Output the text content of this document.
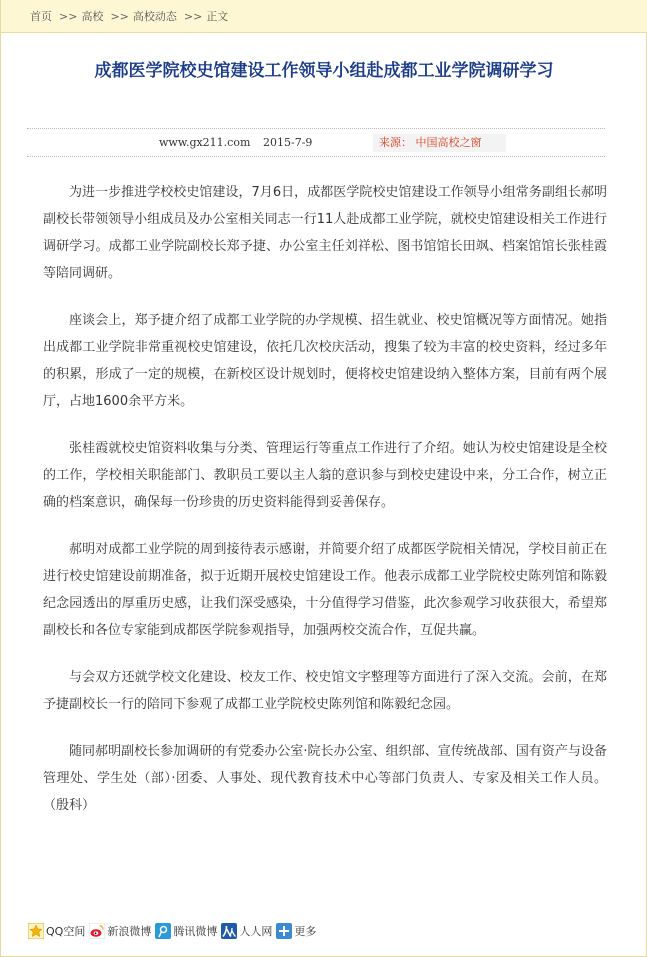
首页 >> 高校 >> 高校动态 >> 正文
成都医学院校史馆建设工作领导小组赴成都工业学院调研学习
www.gx211.com 2015-7-9	来源： 中国高校之窗

为进一步推进学校校史馆建设，7月6日，成都医学院校史馆建设工作领导小组常务副组长郝明副校长带领领导小组成员及办公室相关同志一行11人赴成都工业学院，就校史馆建设相关工作进行调研学习。成都工业学院副校长郑予捷、办公室主任刘祥松、图书馆馆长田飒、档案馆馆长张桂霞等陪同调研。

座谈会上，郑予捷介绍了成都工业学院的办学规模、招生就业、校史馆概况等方面情况。她指出成都工业学院非常重视校史馆建设，依托几次校庆活动，搜集了较为丰富的校史资料，经过多年的积累，形成了一定的规模，在新校区设计规划时，便将校史馆建设纳入整体方案，目前有两个展厅，占地1600余平方米。

张桂霞就校史馆资料收集与分类、管理运行等重点工作进行了介绍。她认为校史馆建设是全校的工作，学校相关职能部门、教职员工要以主人翁的意识参与到校史建设中来，分工合作，树立正确的档案意识，确保每一份珍贵的历史资料能得到妥善保存。

郝明对成都工业学院的周到接待表示感谢，并简要介绍了成都医学院相关情况，学校目前正在进行校史馆建设前期准备，拟于近期开展校史馆建设工作。他表示成都工业学院校史陈列馆和陈毅纪念园透出的厚重历史感，让我们深受感染，十分值得学习借鉴，此次参观学习收获很大，希望郑副校长和各位专家能到成都医学院参观指导，加强两校交流合作，互促共赢。

与会双方还就学校文化建设、校友工作、校史馆文字整理等方面进行了深入交流。会前，在郑予捷副校长一行的陪同下参观了成都工业学院校史陈列馆和陈毅纪念园。

随同郝明副校长参加调研的有党委办公室·院长办公室、组织部、宣传统战部、国有资产与设备管理处、学生处（部）·团委、人事处、现代教育技术中心等部门负责人、专家及相关工作人员。 （殷科）

QQ空间 新浪微博 腾讯微博 人人网 更多
